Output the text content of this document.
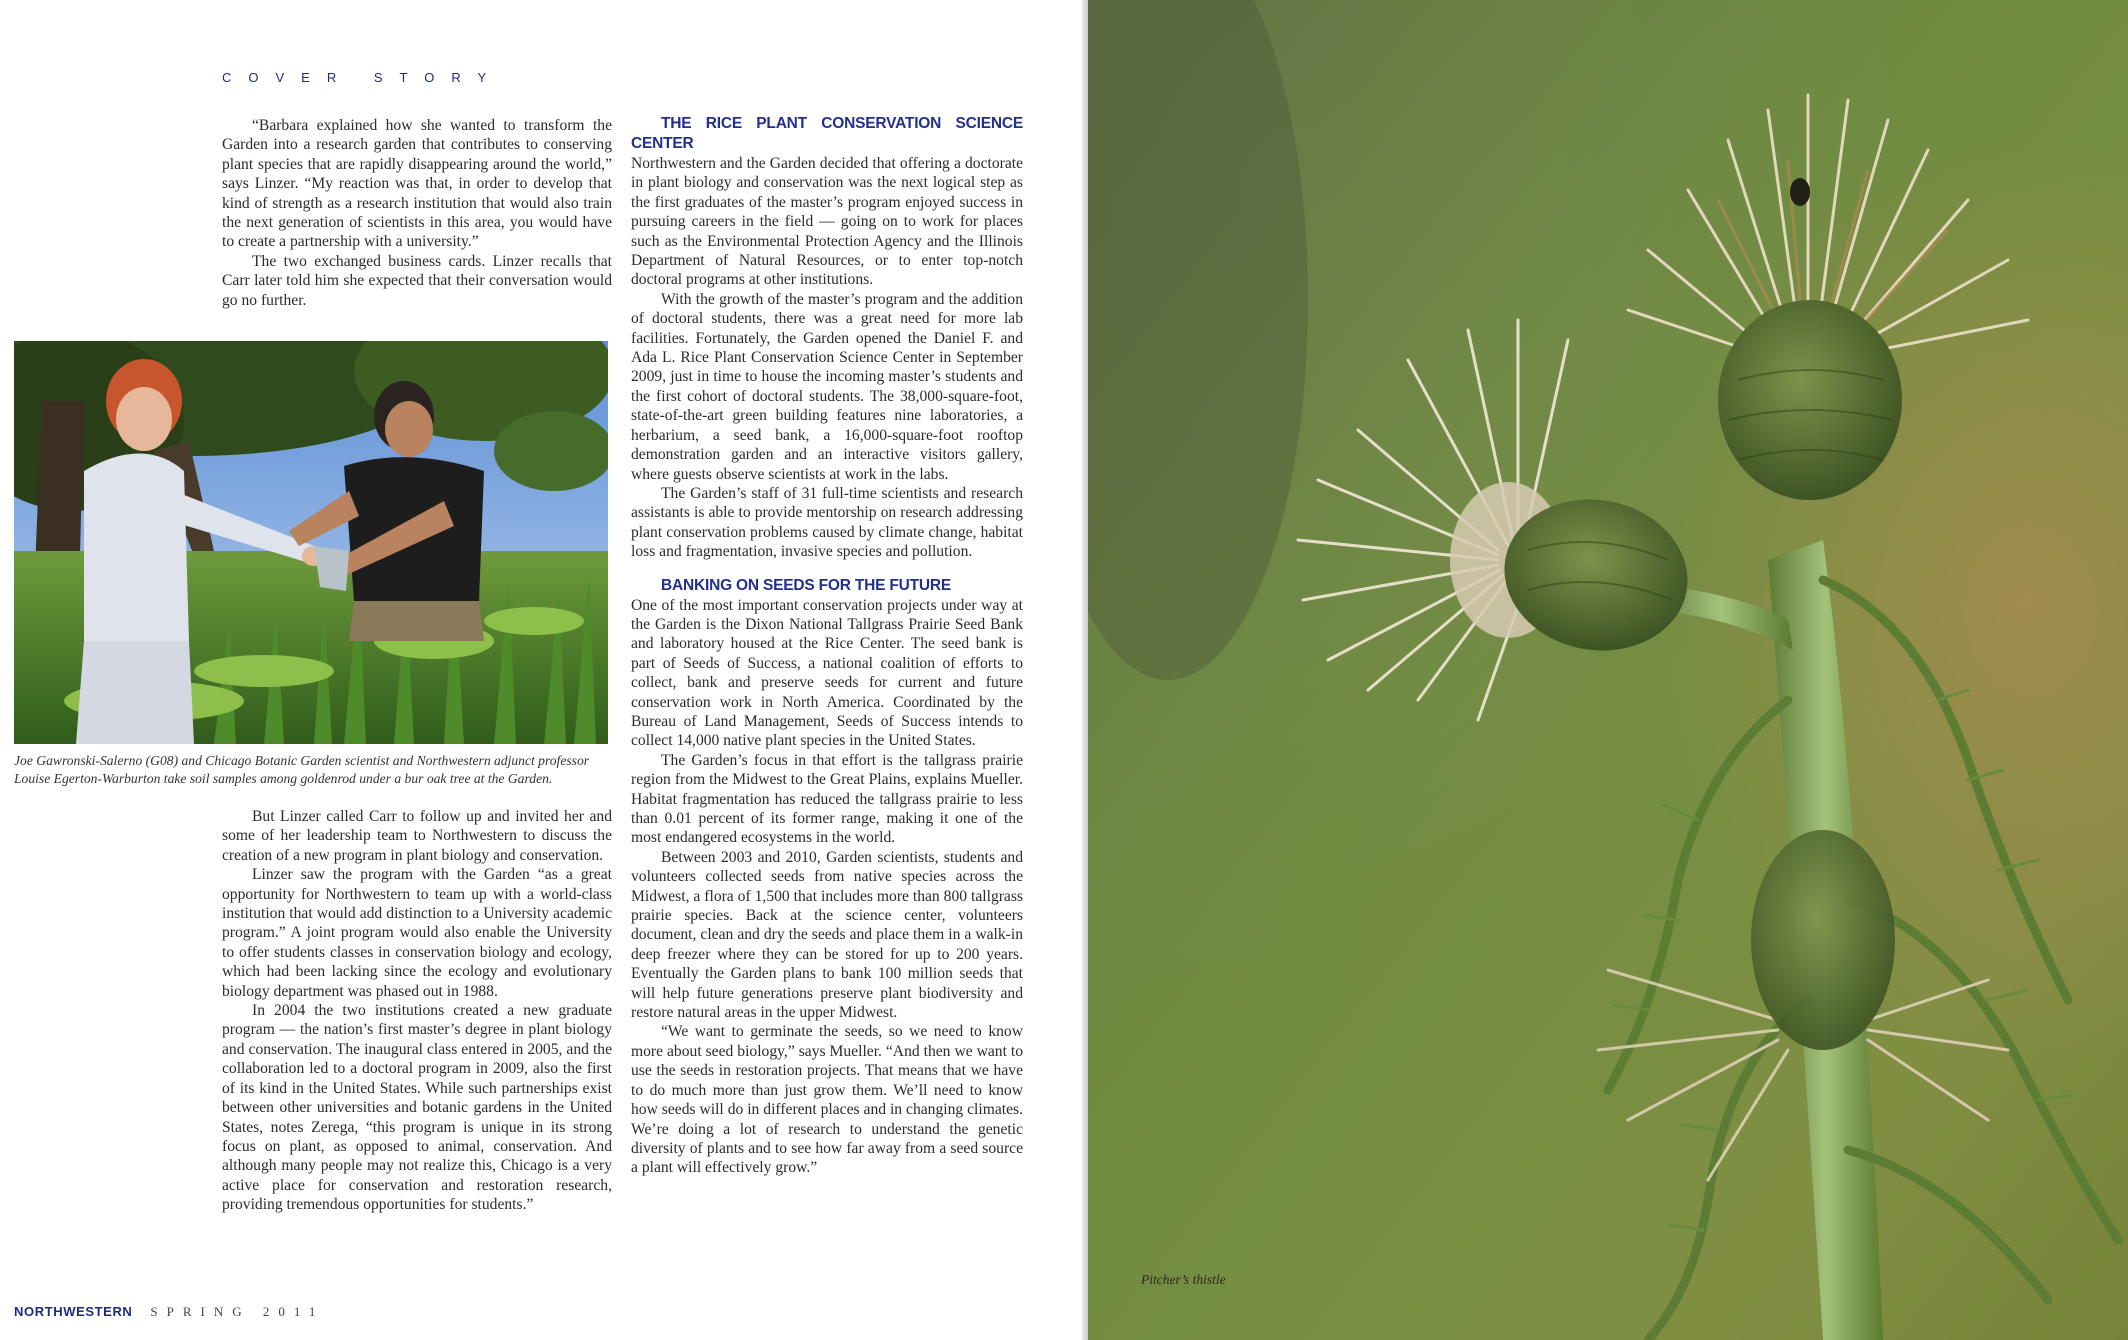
COVER STORY

“Barbara explained how she wanted to transform the Garden into a research garden that contributes to conserving plant species that are rapidly disappearing around the world,” says Linzer. “My reaction was that, in order to develop that kind of strength as a research institution that would also train the next generation of scientists in this area, you would have to create a partnership with a university.”

The two exchanged business cards. Linzer recalls that Carr later told him she expected that their conversation would go no further.

Joe Gawronski-Salerno (G08) and Chicago Botanic Garden scientist and Northwestern adjunct professor Louise Egerton-Warburton take soil samples among goldenrod under a bur oak tree at the Garden.

But Linzer called Carr to follow up and invited her and some of her leadership team to Northwestern to discuss the creation of a new program in plant biology and conservation.

Linzer saw the program with the Garden “as a great opportunity for Northwestern to team up with a world-class institution that would add distinction to a University academic program.” A joint program would also enable the University to offer students classes in conservation biology and ecology, which had been lacking since the ecology and evolutionary biology department was phased out in 1988.

In 2004 the two institutions created a new graduate program — the nation’s first master’s degree in plant biology and conservation. The inaugural class entered in 2005, and the collaboration led to a doctoral program in 2009, also the first of its kind in the United States. While such partnerships exist between other universities and botanic gardens in the United States, notes Zerega, “this program is unique in its strong focus on plant, as opposed to animal, conservation. And although many people may not realize this, Chicago is a very active place for conservation and restoration research, providing tremendous opportunities for students.”

THE RICE PLANT CONSERVATION SCIENCE CENTER

Northwestern and the Garden decided that offering a doctorate in plant biology and conservation was the next logical step as the first graduates of the master’s program enjoyed success in pursuing careers in the field — going on to work for places such as the Environmental Protection Agency and the Illinois Department of Natural Resources, or to enter top-notch doctoral programs at other institutions.

With the growth of the master’s program and the addition of doctoral students, there was a great need for more lab facilities. Fortunately, the Garden opened the Daniel F. and Ada L. Rice Plant Conservation Science Center in September 2009, just in time to house the incoming master’s students and the first cohort of doctoral students. The 38,000-square-foot, state-of-the-art green building features nine laboratories, a herbarium, a seed bank, a 16,000-square-foot rooftop demonstration garden and an interactive visitors gallery, where guests observe scientists at work in the labs.

The Garden’s staff of 31 full-time scientists and research assistants is able to provide mentorship on research addressing plant conservation problems caused by climate change, habitat loss and fragmentation, invasive species and pollution.

BANKING ON SEEDS FOR THE FUTURE

One of the most important conservation projects under way at the Garden is the Dixon National Tallgrass Prairie Seed Bank and laboratory housed at the Rice Center. The seed bank is part of Seeds of Success, a national coalition of efforts to collect, bank and preserve seeds for current and future conservation work in North America. Coordinated by the Bureau of Land Management, Seeds of Success intends to collect 14,000 native plant species in the United States.

The Garden’s focus in that effort is the tallgrass prairie region from the Midwest to the Great Plains, explains Mueller. Habitat fragmentation has reduced the tallgrass prairie to less than 0.01 percent of its former range, making it one of the most endangered ecosystems in the world.

Between 2003 and 2010, Garden scientists, students and volunteers collected seeds from native species across the Midwest, a flora of 1,500 that includes more than 800 tallgrass prairie species. Back at the science center, volunteers document, clean and dry the seeds and place them in a walk-in deep freezer where they can be stored for up to 200 years. Eventually the Garden plans to bank 100 million seeds that will help future generations preserve plant biodiversity and restore natural areas in the upper Midwest.

“We want to germinate the seeds, so we need to know more about seed biology,” says Mueller. “And then we want to use the seeds in restoration projects. That means that we have to do much more than just grow them. We’ll need to know how seeds will do in different places and in changing climates. We’re doing a lot of research to understand the genetic diversity of plants and to see how far away from a seed source a plant will effectively grow.”

NORTHWESTERN SPRING 2011
Pitcher’s thistle
